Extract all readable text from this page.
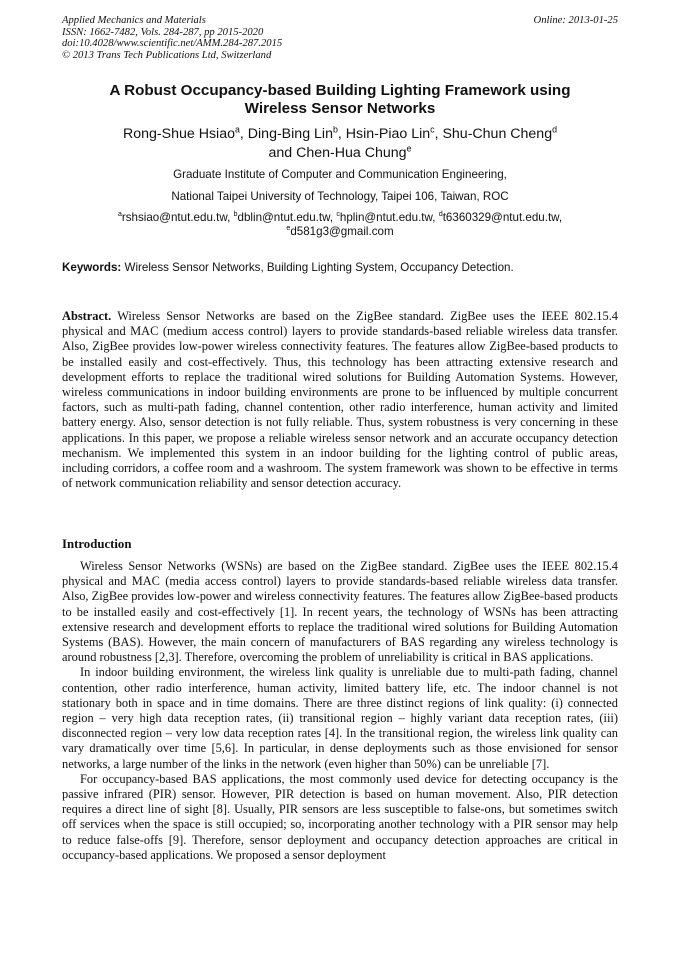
Applied Mechanics and Materials
ISSN: 1662-7482, Vols. 284-287, pp 2015-2020
doi:10.4028/www.scientific.net/AMM.284-287.2015
© 2013 Trans Tech Publications Ltd, Switzerland
Online: 2013-01-25
A Robust Occupancy-based Building Lighting Framework using
Wireless Sensor Networks
Rong-Shue Hsiao$^a$, Ding-Bing Lin$^b$, Hsin-Piao Lin$^c$, Shu-Chun Cheng$^d$
and Chen-Hua Chung$^e$
Graduate Institute of Computer and Communication Engineering,
National Taipei University of Technology, Taipei 106, Taiwan, ROC
$^a$rshsiao@ntut.edu.tw, $^b$dblin@ntut.edu.tw, $^c$hplin@ntut.edu.tw, $^d$t6360329@ntut.edu.tw,
$^e$d581g3@gmail.com
Keywords: Wireless Sensor Networks, Building Lighting System, Occupancy Detection.

Abstract. Wireless Sensor Networks are based on the ZigBee standard. ZigBee uses the IEEE 802.15.4 physical and MAC (medium access control) layers to provide standards-based reliable wireless data transfer. Also, ZigBee provides low-power wireless connectivity features. The features allow ZigBee-based products to be installed easily and cost-effectively. Thus, this technology has been attracting extensive research and development efforts to replace the traditional wired solutions for Building Automation Systems. However, wireless communications in indoor building environments are prone to be influenced by multiple concurrent factors, such as multi-path fading, channel contention, other radio interference, human activity and limited battery energy. Also, sensor detection is not fully reliable. Thus, system robustness is very concerning in these applications. In this paper, we propose a reliable wireless sensor network and an accurate occupancy detection mechanism. We implemented this system in an indoor building for the lighting control of public areas, including corridors, a coffee room and a washroom. The system framework was shown to be effective in terms of network communication reliability and sensor detection accuracy.

Introduction

Wireless Sensor Networks (WSNs) are based on the ZigBee standard. ZigBee uses the IEEE 802.15.4 physical and MAC (media access control) layers to provide standards-based reliable wireless data transfer. Also, ZigBee provides low-power and wireless connectivity features. The features allow ZigBee-based products to be installed easily and cost-effectively [1]. In recent years, the technology of WSNs has been attracting extensive research and development efforts to replace the traditional wired solutions for Building Automation Systems (BAS). However, the main concern of manufacturers of BAS regarding any wireless technology is around robustness [2,3]. Therefore, overcoming the problem of unreliability is critical in BAS applications.

In indoor building environment, the wireless link quality is unreliable due to multi-path fading, channel contention, other radio interference, human activity, limited battery life, etc. The indoor channel is not stationary both in space and in time domains. There are three distinct regions of link quality: (i) connected region – very high data reception rates, (ii) transitional region – highly variant data reception rates, (iii) disconnected region – very low data reception rates [4]. In the transitional region, the wireless link quality can vary dramatically over time [5,6]. In particular, in dense deployments such as those envisioned for sensor networks, a large number of the links in the network (even higher than 50%) can be unreliable [7].

For occupancy-based BAS applications, the most commonly used device for detecting occupancy is the passive infrared (PIR) sensor. However, PIR detection is based on human movement. Also, PIR detection requires a direct line of sight [8]. Usually, PIR sensors are less susceptible to false-ons, but sometimes switch off services when the space is still occupied; so, incorporating another technology with a PIR sensor may help to reduce false-offs [9]. Therefore, sensor deployment and occupancy detection approaches are critical in occupancy-based applications. We proposed a sensor deployment
